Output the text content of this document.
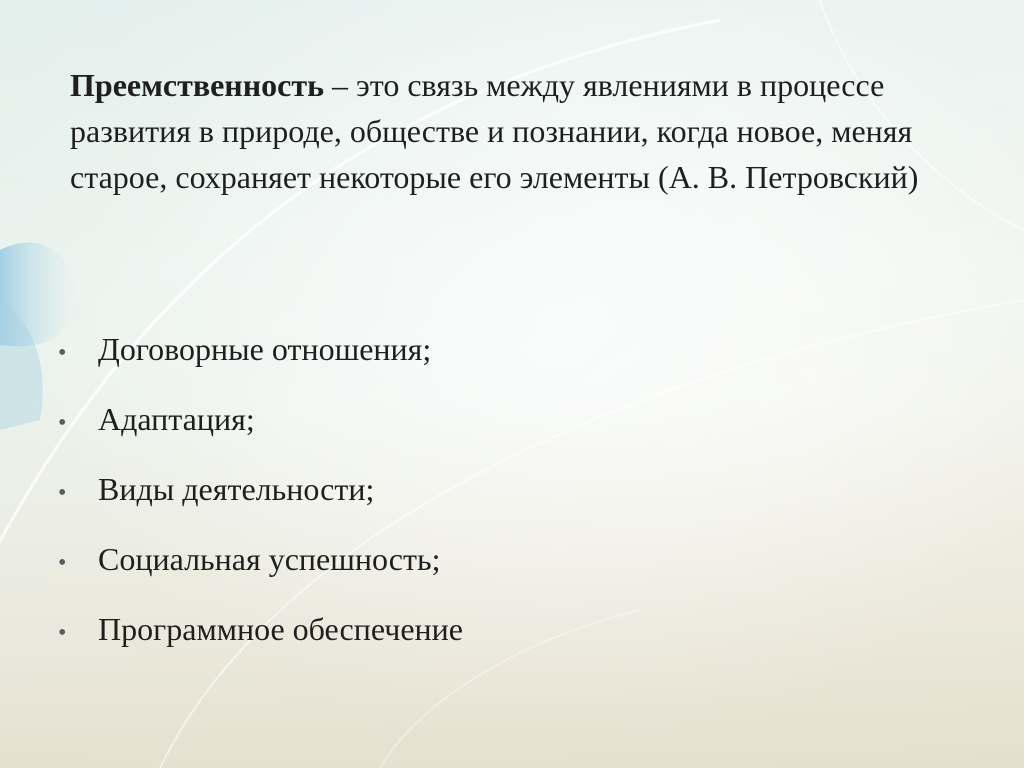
Преемственность – это связь между явлениями в процессе развития в природе, обществе и познании, когда новое, меняя старое, сохраняет некоторые его элементы (А. В. Петровский)

• Договорные отношения;
• Адаптация;
• Виды деятельности;
• Социальная успешность;
• Программное обеспечение
